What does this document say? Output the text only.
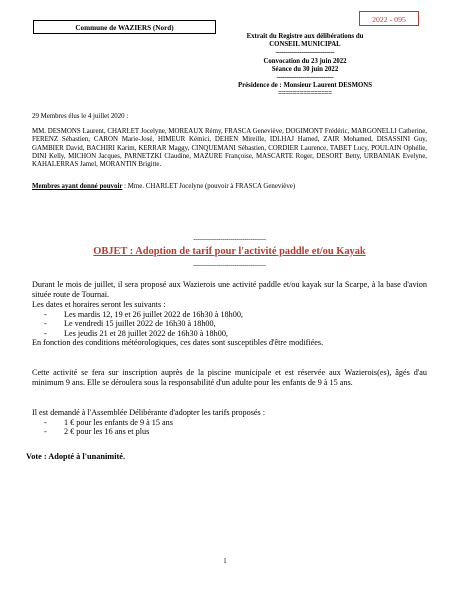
Commune de WAZIERS (Nord)
2022 - 095
Extrait du Registre aux délibérations du
CONSEIL MUNICIPAL
------------------------------
Convocation du 23 juin 2022
Séance du 30 juin 2022
-----------------------------
Présidence de : Monsieur Laurent DESMONS
===============
29 Membres élus le 4 juillet 2020 :
MM. DESMONS Laurent, CHARLET Jocelyne, MOREAUX Rémy, FRASCA Geneviève, DOGIMONT Frédéric, MARGONELLI Catherine, FERENZ Sébastien, CARON Marie-José, HIMEUR Kémici, DEHEN Mireille, IDLHAJ Hamed, ZAIR Mohamed, DISASSINI Guy, GAMBIER David, BACHIRI Karim, KERRAR Maggy, CINQUEMANI Sébastien, CORDIER Laurence, TABET Lucy, POULAIN Ophélie, DINI Kelly, MICHON Jacques, PARNETZKI Claudine, MAZURE Françoise, MASCARTE Roger, DESORT Betty, URBANIAK Evelyne, KAHALERRAS Jamel, MORANTIN Brigitte.
Membres ayant donné pouvoir : Mme. CHARLET Jocelyne (pouvoir à FRASCA Geneviève)
-------------------------------------
OBJET : Adoption de tarif pour l'activité paddle et/ou Kayak
-------------------------------------
Durant le mois de juillet, il sera proposé aux Wazierois une activité paddle et/ou kayak sur la Scarpe, à la base d'avion située route de Tournai.
Les dates et horaires seront les suivants :
- Les mardis 12, 19 et 26 juillet 2022 de 16h30 à 18h00,
- Le vendredi 15 juillet 2022 de 16h30 à 18h00,
- Les jeudis 21 et 28 juillet 2022 de 16h30 à 18h00,
En fonction des conditions météorologiques, ces dates sont susceptibles d'être modifiées.
Cette activité se fera sur inscription auprès de la piscine municipale et est réservée aux Wazierois(es), âgés d'au minimum 9 ans. Elle se déroulera sous la responsabilité d'un adulte pour les enfants de 9 à 15 ans.
Il est demandé à l'Assemblée Délibérante d'adopter les tarifs proposés :
- 1 € pour les enfants de 9 à 15 ans
- 2 € pour les 16 ans et plus
Vote : Adopté à l'unanimité.
1
